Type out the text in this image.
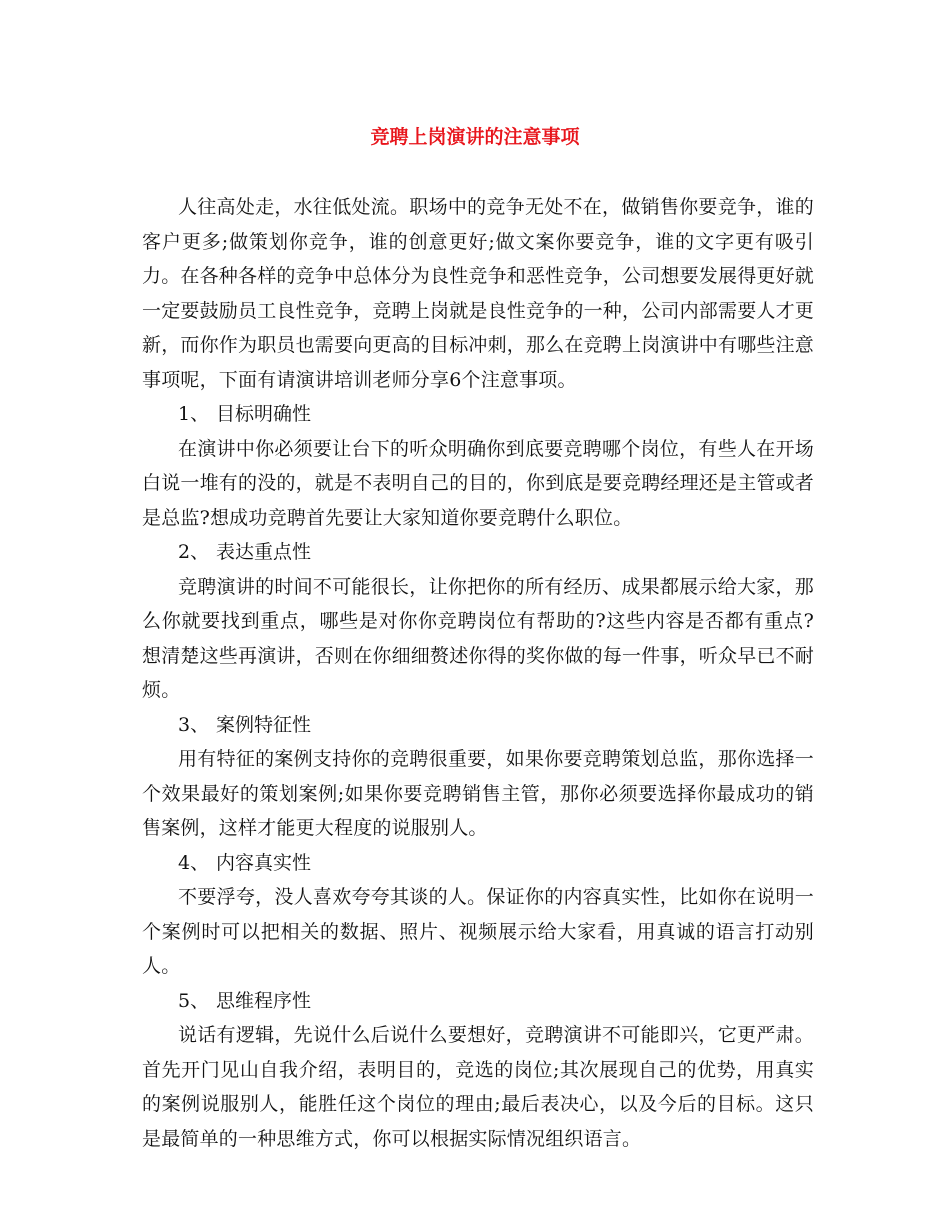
竞聘上岗演讲的注意事项

人往高处走，水往低处流。职场中的竞争无处不在，做销售你要竞争，谁的客户更多;做策划你竞争，谁的创意更好;做文案你要竞争，谁的文字更有吸引力。在各种各样的竞争中总体分为良性竞争和恶性竞争，公司想要发展得更好就一定要鼓励员工良性竞争，竞聘上岗就是良性竞争的一种，公司内部需要人才更新，而你作为职员也需要向更高的目标冲刺，那么在竞聘上岗演讲中有哪些注意事项呢，下面有请演讲培训老师分享6个注意事项。

1、 目标明确性

在演讲中你必须要让台下的听众明确你到底要竞聘哪个岗位，有些人在开场白说一堆有的没的，就是不表明自己的目的，你到底是要竞聘经理还是主管或者是总监?想成功竞聘首先要让大家知道你要竞聘什么职位。

2、 表达重点性

竞聘演讲的时间不可能很长，让你把你的所有经历、成果都展示给大家，那么你就要找到重点，哪些是对你你竞聘岗位有帮助的?这些内容是否都有重点?想清楚这些再演讲，否则在你细细赘述你得的奖你做的每一件事，听众早已不耐烦。

3、 案例特征性

用有特征的案例支持你的竞聘很重要，如果你要竞聘策划总监，那你选择一个效果最好的策划案例;如果你要竞聘销售主管，那你必须要选择你最成功的销售案例，这样才能更大程度的说服别人。

4、 内容真实性

不要浮夸，没人喜欢夸夸其谈的人。保证你的内容真实性，比如你在说明一个案例时可以把相关的数据、照片、视频展示给大家看，用真诚的语言打动别人。

5、 思维程序性

说话有逻辑，先说什么后说什么要想好，竞聘演讲不可能即兴，它更严肃。首先开门见山自我介绍，表明目的，竞选的岗位;其次展现自己的优势，用真实的案例说服别人，能胜任这个岗位的理由;最后表决心，以及今后的目标。这只是最简单的一种思维方式，你可以根据实际情况组织语言。
